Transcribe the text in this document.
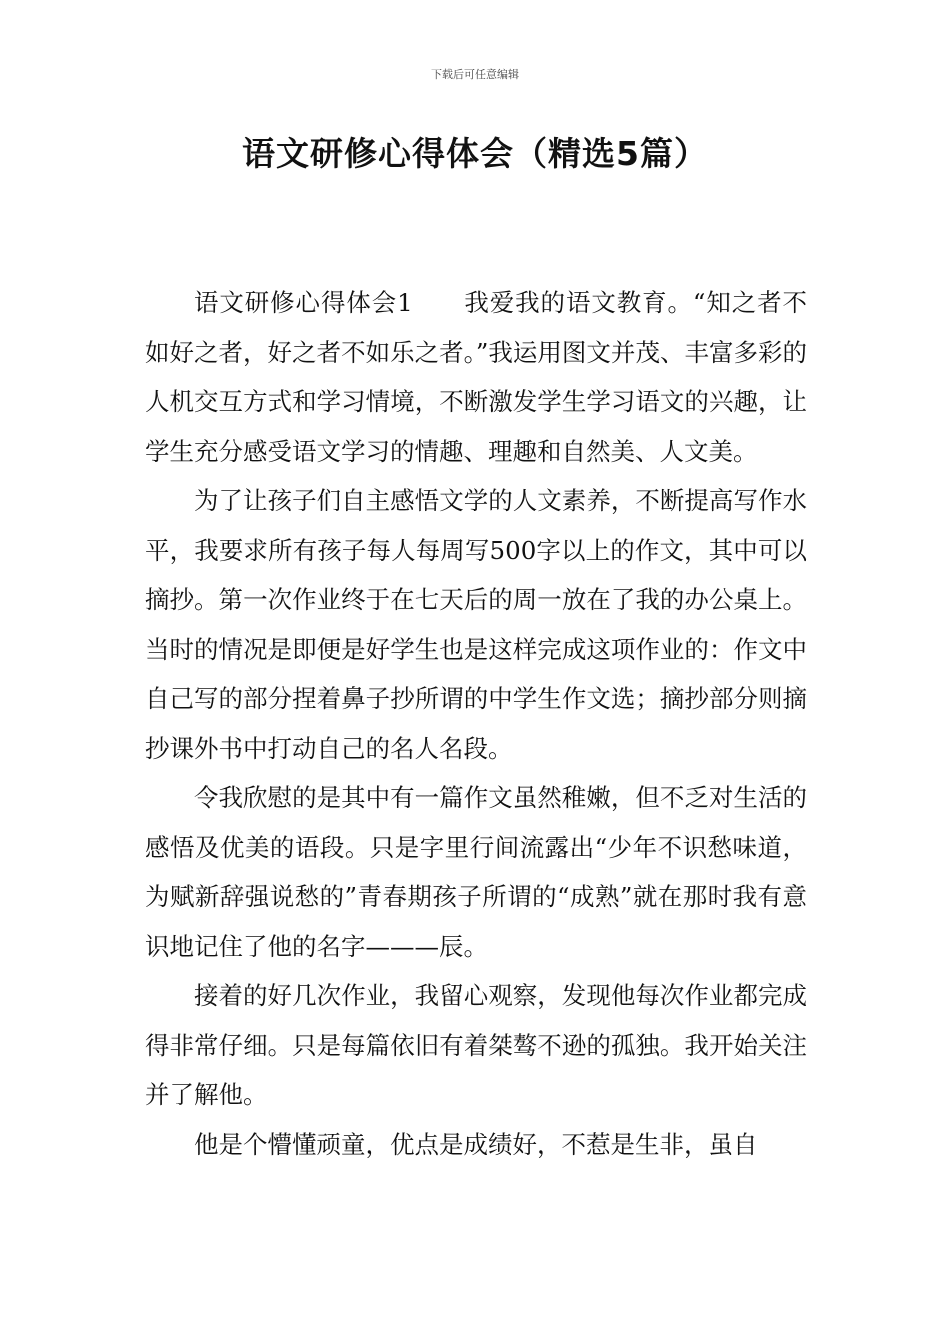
下载后可任意编辑
语文研修心得体会（精选5篇）

语文研修心得体会1　　我爱我的语文教育。“知之者不如好之者，好之者不如乐之者。”我运用图文并茂、丰富多彩的人机交互方式和学习情境，不断激发学生学习语文的兴趣，让学生充分感受语文学习的情趣、理趣和自然美、人文美。

为了让孩子们自主感悟文学的人文素养，不断提高写作水平，我要求所有孩子每人每周写500字以上的作文，其中可以摘抄。第一次作业终于在七天后的周一放在了我的办公桌上。当时的情况是即便是好学生也是这样完成这项作业的：作文中自己写的部分捏着鼻子抄所谓的中学生作文选；摘抄部分则摘抄课外书中打动自己的名人名段。

令我欣慰的是其中有一篇作文虽然稚嫩，但不乏对生活的感悟及优美的语段。只是字里行间流露出“少年不识愁味道，为赋新辞强说愁的”青春期孩子所谓的“成熟”就在那时我有意识地记住了他的名字———辰。

接着的好几次作业，我留心观察，发现他每次作业都完成得非常仔细。只是每篇依旧有着桀骜不逊的孤独。我开始关注并了解他。

他是个懵懂顽童，优点是成绩好，不惹是生非，虽自
